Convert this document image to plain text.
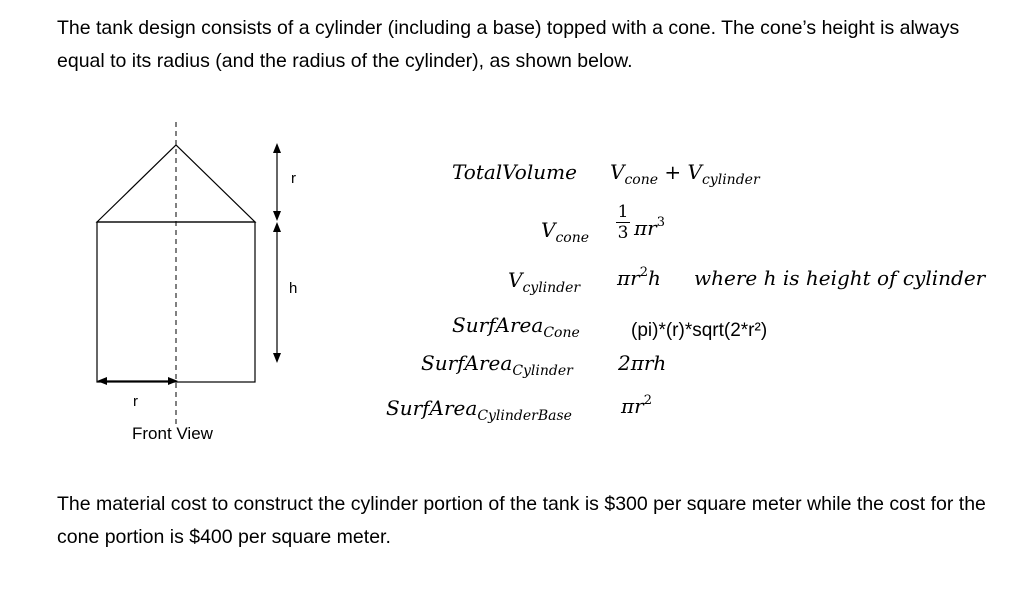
The tank design consists of a cylinder (including a base) topped with a cone. The cone’s height is always equal to its radius (and the radius of the cylinder), as shown below.

r
h
r
Front View
TotalVolume $V_{cone} + V_{cylinder}$
$V_{cone} \frac{1}{3} \pi r^3$
$V_{cylinder}$ $\pi r^2h$ where h is height of cylinder
SurfArea$_{Cone}$	(pi)*(r)*sqrt(2*r²)
SurfArea$_{Cylinder}$ 2πrh
SurfArea$_{CylinderBase}$ $\pi r^2$

The material cost to construct the cylinder portion of the tank is $300 per square meter while the cost for the cone portion is $400 per square meter.
